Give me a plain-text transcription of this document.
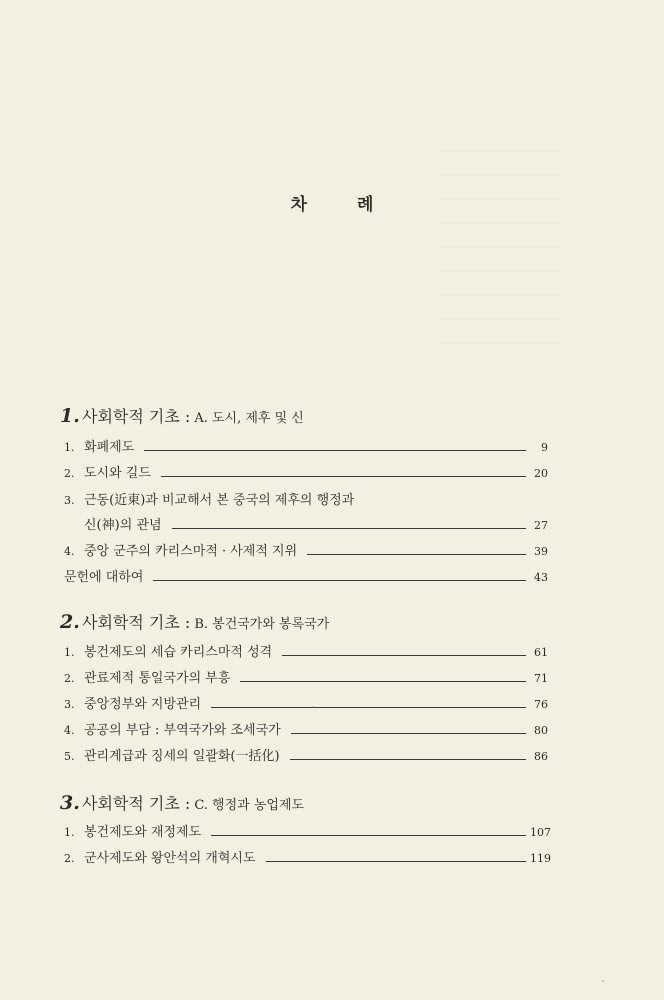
차 례
1. 사회학적 기초 : A. 도시, 제후 및 신
1. 화폐제도	9
2. 도시와 길드	20
3. 근동(近東)과 비교해서 본 중국의 제후의 행정과
신(神)의 관념	27
4. 중앙 군주의 카리스마적 · 사제적 지위	39
문헌에 대하여	43
2. 사회학적 기초 : B. 봉건국가와 봉록국가
1. 봉건제도의 세습 카리스마적 성격	61
2. 관료제적 통일국가의 부흥	71
3. 중앙정부와 지방관리	76
4. 공공의 부담 : 부역국가와 조세국가	80
5. 관리계급과 징세의 일괄화(一括化)	86
3. 사회학적 기초 : C. 행정과 농업제도
1. 봉건제도와 재정제도	107
2. 군사제도와 왕안석의 개혁시도	119
